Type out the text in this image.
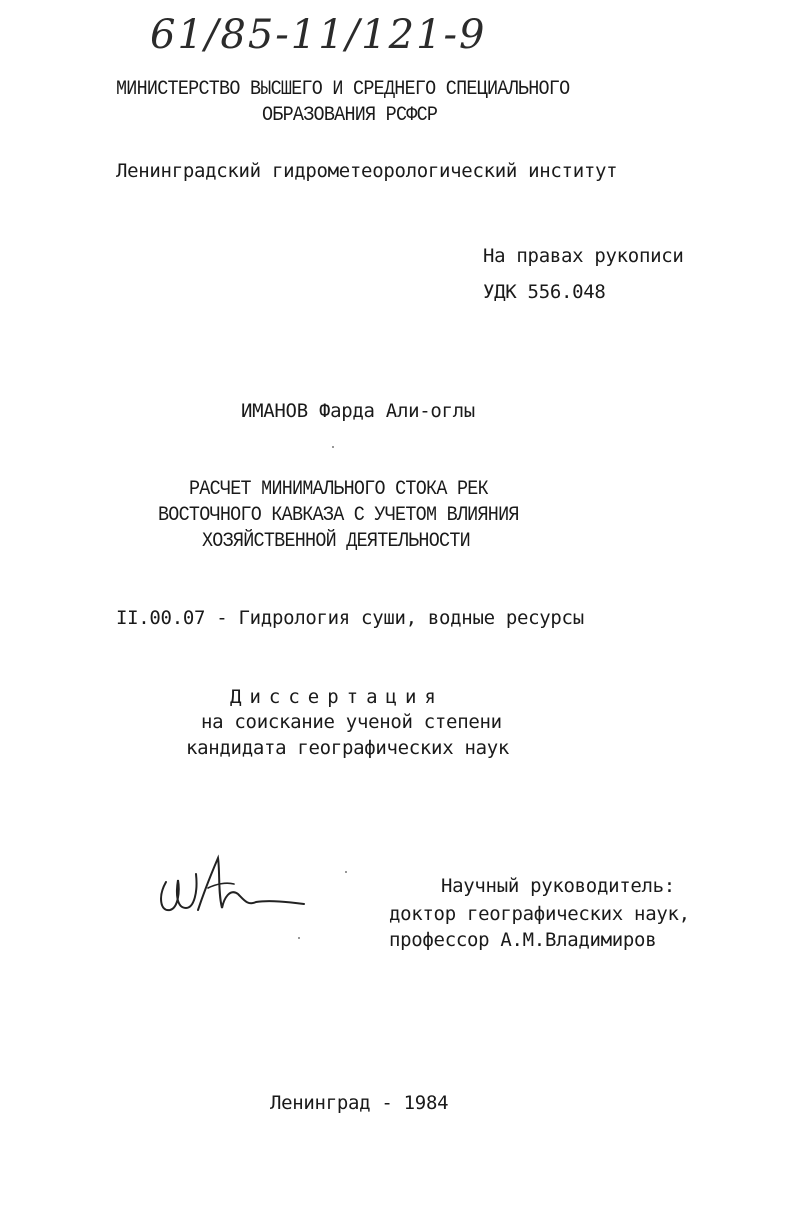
61/85-11/121-9
МИНИСТЕРСТВО ВЫСШЕГО И СРЕДНЕГО СПЕЦИАЛЬНОГО
ОБРАЗОВАНИЯ РСФСР
Ленинградский гидрометеорологический институт
На правах рукописи
УДК 556.048
ИМАНОВ Фарда Али-оглы
РАСЧЕТ МИНИМАЛЬНОГО СТОКА РЕК
ВОСТОЧНОГО КАВКАЗА С УЧЕТОМ ВЛИЯНИЯ
ХОЗЯЙСТВЕННОЙ ДЕЯТЕЛЬНОСТИ
II.00.07 - Гидрология суши, водные ресурсы
Диссертация
на соискание ученой степени
кандидата географических наук
Научный руководитель:
доктор географических наук,
профессор А.М.Владимиров
Ленинград - 1984
